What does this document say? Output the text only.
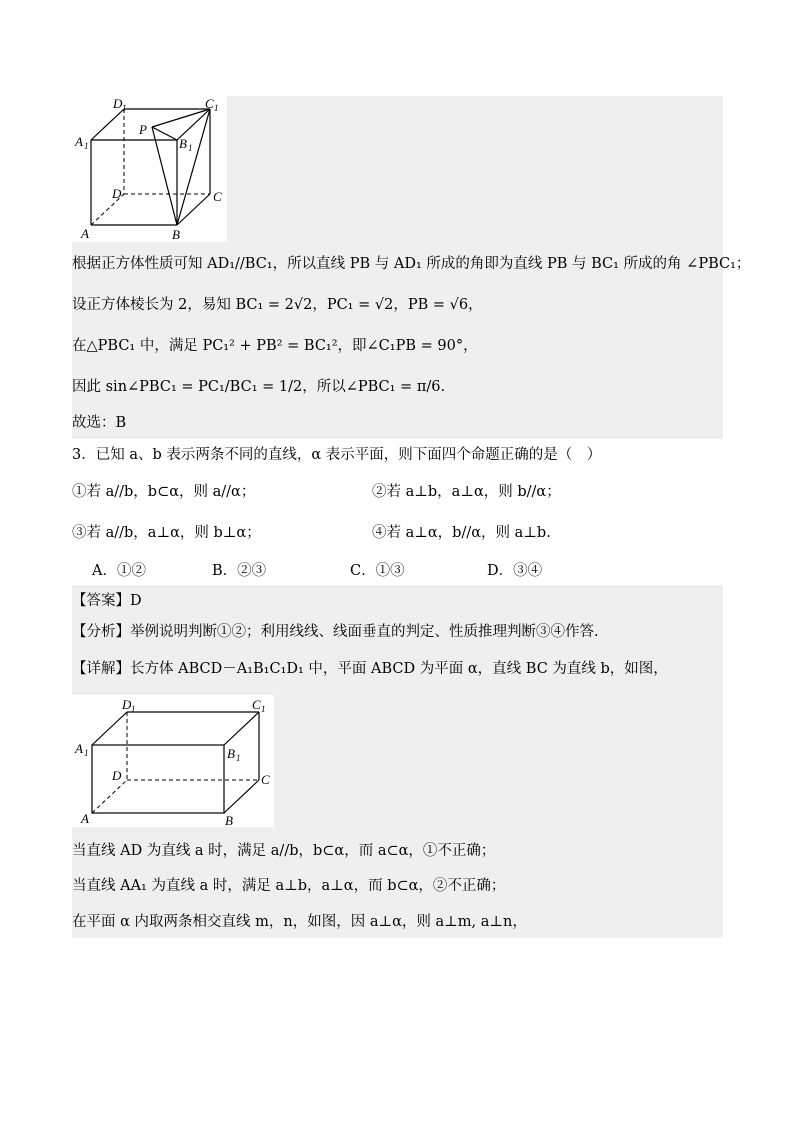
D 1	C 1
A 1	B 1
P
D	C
A	B
根据正方体性质可知 AD₁//BC₁，所以直线 PB 与 AD₁ 所成的角即为直线 PB 与 BC₁ 所成的角 ∠PBC₁；
设正方体棱长为 2，易知 BC₁ = 2√2，PC₁ = √2，PB = √6，
在△PBC₁ 中，满足 PC₁² + PB² = BC₁²，即∠C₁PB = 90°，
因此 sin∠PBC₁ = PC₁/BC₁ = 1/2，所以∠PBC₁ = π/6.
故选：B
3．已知 a、b 表示两条不同的直线，α 表示平面，则下面四个命题正确的是（　）
①若 a//b，b⊂α，则 a//α；	②若 a⊥b，a⊥α，则 b//α；
③若 a//b，a⊥α，则 b⊥α；	④若 a⊥α，b//α，则 a⊥b.
A．①②	B．②③	C．①③	D．③④
【答案】D
【分析】举例说明判断①②；利用线线、线面垂直的判定、性质推理判断③④作答.
【详解】长方体 ABCD－A₁B₁C₁D₁ 中，平面 ABCD 为平面 α，直线 BC 为直线 b，如图，
D 1	C 1
A 1	B 1
D	C
A	B
当直线 AD 为直线 a 时，满足 a//b，b⊂α，而 a⊂α，①不正确；
当直线 AA₁ 为直线 a 时，满足 a⊥b，a⊥α，而 b⊂α，②不正确；
在平面 α 内取两条相交直线 m，n，如图，因 a⊥α，则 a⊥m, a⊥n，
